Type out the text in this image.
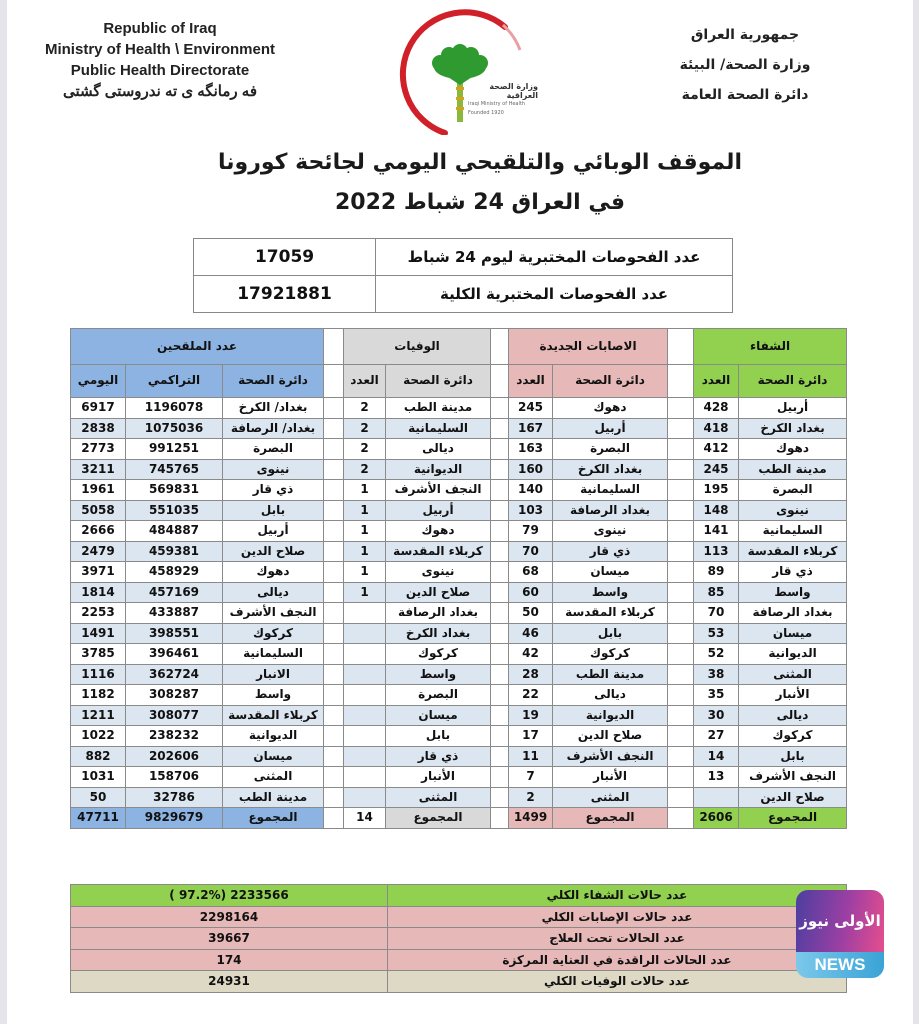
Republic of Iraq
Ministry of Health \ Environment
Public Health Directorate
فه رمانگه ی ته ندروستی گشتی	وزارة الصحة العراقية
Iraqi Ministry of Health
Founded 1920
جمهورية العراق
وزارة الصحة/ البيئة
دائرة الصحة العامة
الموقف الوبائي والتلقيحي اليومي لجائحة كورونا
في العراق 24 شباط 2022
17059	عدد الفحوصات المختبرية ليوم 24 شباط
17921881	عدد الفحوصات المختبرية الكلية
عدد الملقحين				الوفيات			الاصابات الجديدة			الشفاء	
اليومي	التراكمي	دائرة الصحة		العدد	دائرة الصحة		العدد	دائرة الصحة		العدد	دائرة الصحة
6917	1196078	بغداد/ الكرخ		2	مدينة الطب		245	دهوك		428	أربيل
2838	1075036	بغداد/ الرصافة		2	السليمانية		167	أربيل		418	بغداد الكرخ
2773	991251	البصرة		2	ديالى		163	البصرة		412	دهوك
3211	745765	نينوى		2	الديوانية		160	بغداد الكرخ		245	مدينة الطب
1961	569831	ذي قار		1	النجف الأشرف		140	السليمانية		195	البصرة
5058	551035	بابل		1	أربيل		103	بغداد الرصافة		148	نينوى
2666	484887	أربيل		1	دهوك		79	نينوى		141	السليمانية
2479	459381	صلاح الدين		1	كربلاء المقدسة		70	ذي قار		113	كربلاء المقدسة
3971	458929	دهوك		1	نينوى		68	ميسان		89	ذي قار
1814	457169	ديالى		1	صلاح الدين		60	واسط		85	واسط
2253	433887	النجف الأشرف			بغداد الرصافة		50	كربلاء المقدسة		70	بغداد الرصافة
1491	398551	كركوك			بغداد الكرخ		46	بابل		53	ميسان
3785	396461	السليمانية			كركوك		42	كركوك		52	الديوانية
1116	362724	الانبار			واسط		28	مدينة الطب		38	المثنى
1182	308287	واسط			البصرة		22	ديالى		35	الأنبار
1211	308077	كربلاء المقدسة			ميسان		19	الديوانية		30	ديالى
1022	238232	الديوانية			بابل		17	صلاح الدين		27	كركوك
882	202606	ميسان			ذي قار		11	النجف الأشرف		14	بابل
1031	158706	المثنى			الأنبار		7	الأنبار		13	النجف الأشرف
50	32786	مدينة الطب			المثنى		2	المثنى			صلاح الدين
47711	9829679	المجموع		14	المجموع		1499	المجموع		2606	المجموع
( 97.2%) 2233566	عدد حالات الشفاء الكلي
2298164	عدد حالات الإصابات الكلي
39667	عدد الحالات تحت العلاج
174	عدد الحالات الراقدة في العناية المركزة
24931	عدد حالات الوفيات الكلي
الأولى نيوز
NEWS
